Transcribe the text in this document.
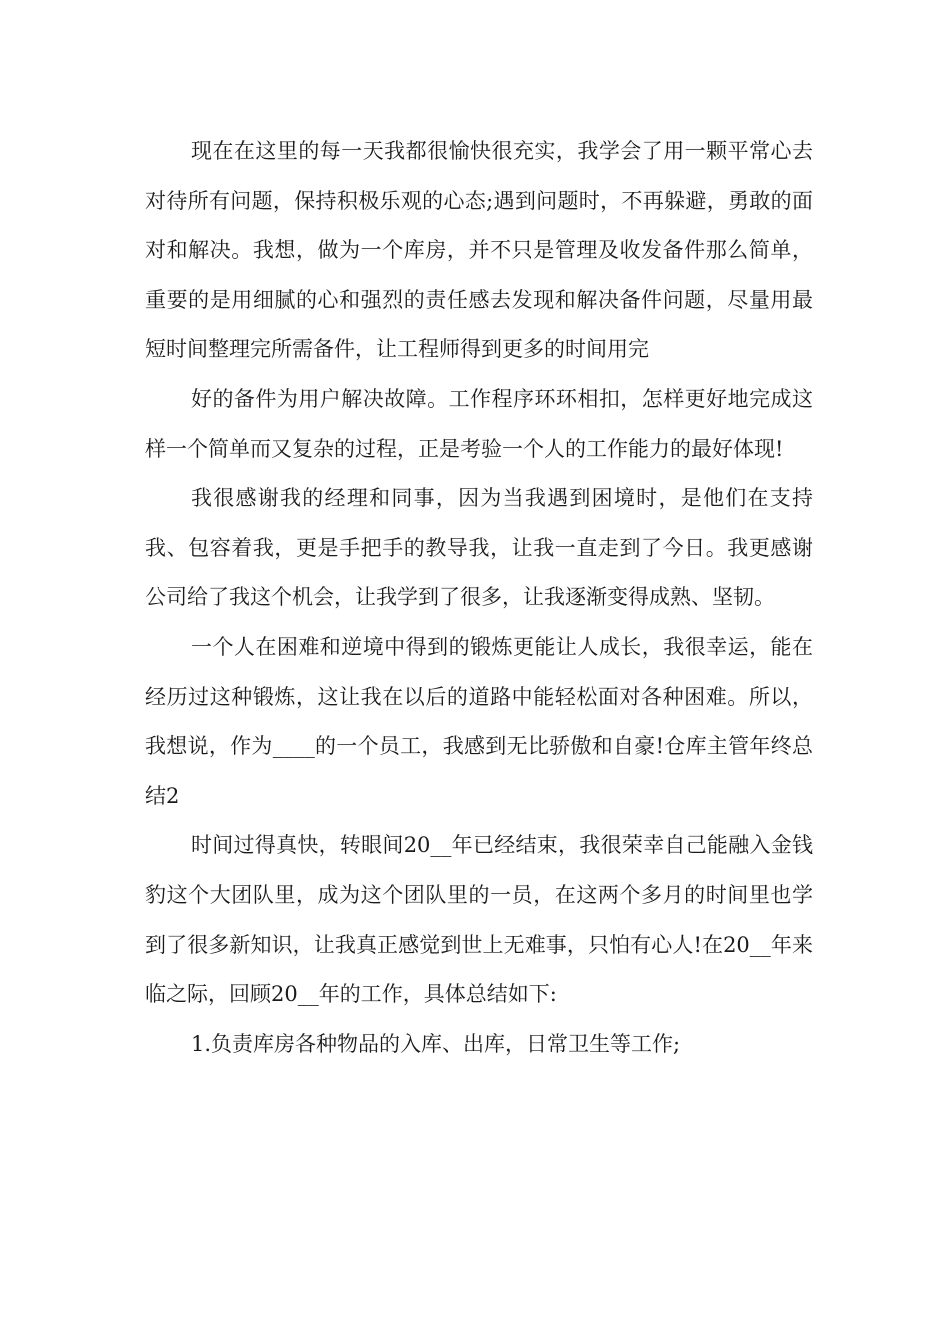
现在在这里的每一天我都很愉快很充实，我学会了用一颗平常心去对待所有问题，保持积极乐观的心态;遇到问题时，不再躲避，勇敢的面对和解决。我想，做为一个库房，并不只是管理及收发备件那么简单，重要的是用细腻的心和强烈的责任感去发现和解决备件问题，尽量用最短时间整理完所需备件，让工程师得到更多的时间用完

好的备件为用户解决故障。工作程序环环相扣，怎样更好地完成这样一个简单而又复杂的过程，正是考验一个人的工作能力的最好体现!

我很感谢我的经理和同事，因为当我遇到困境时，是他们在支持我、包容着我，更是手把手的教导我，让我一直走到了今日。我更感谢公司给了我这个机会，让我学到了很多，让我逐渐变得成熟、坚韧。

一个人在困难和逆境中得到的锻炼更能让人成长，我很幸运，能在经历过这种锻炼，这让我在以后的道路中能轻松面对各种困难。所以，我想说，作为____的一个员工，我感到无比骄傲和自豪!仓库主管年终总结2

时间过得真快，转眼间20__年已经结束，我很荣幸自己能融入金钱豹这个大团队里，成为这个团队里的一员，在这两个多月的时间里也学到了很多新知识，让我真正感觉到世上无难事，只怕有心人!在20__年来临之际，回顾20__年的工作，具体总结如下:

1.负责库房各种物品的入库、出库，日常卫生等工作;
